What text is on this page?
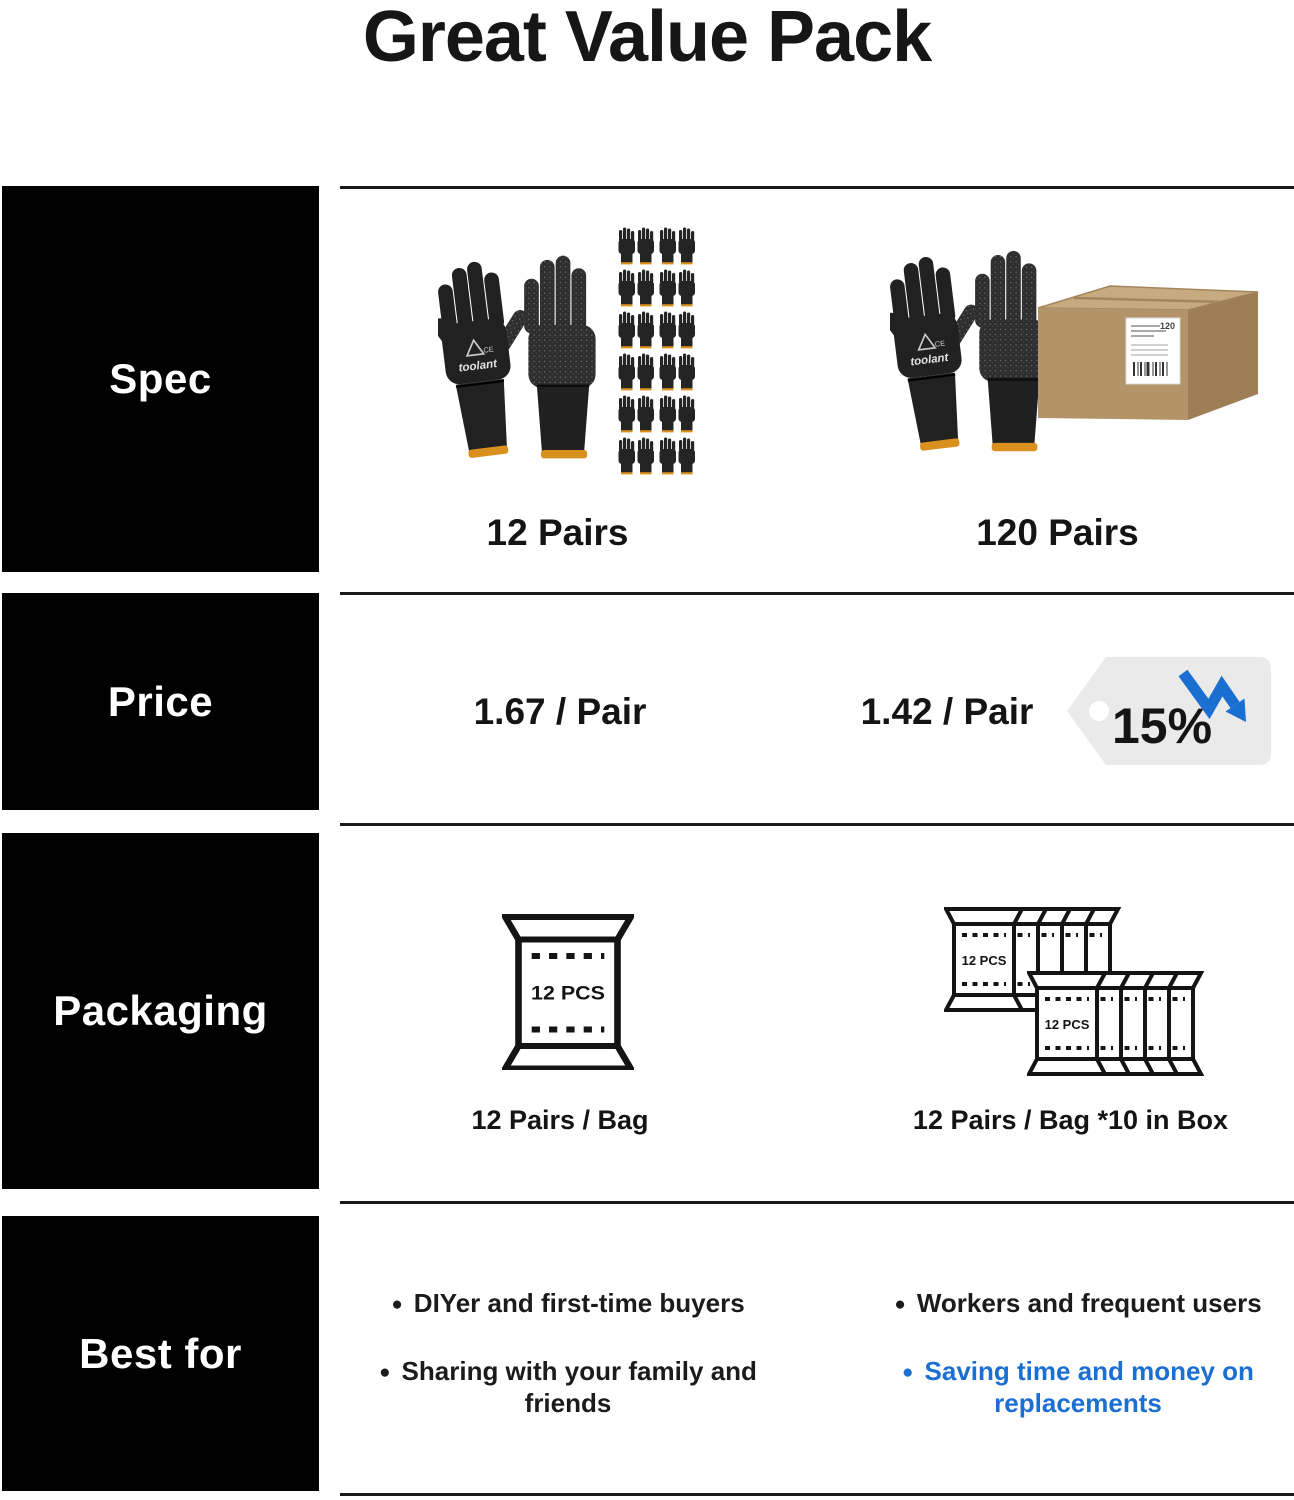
Great Value Pack
Spec
Price
Packaging
Best for
12 Pairs
120
120 Pairs
1.67 / Pair	1.42 / Pair	15%
12 PCS
12 Pairs / Bag
12 PCS
12 PCS
12 Pairs / Bag *10 in Box
● DIYer and first-time buyers
● Sharing with your family and friends
● Workers and frequent users
● Saving time and money on replacements
